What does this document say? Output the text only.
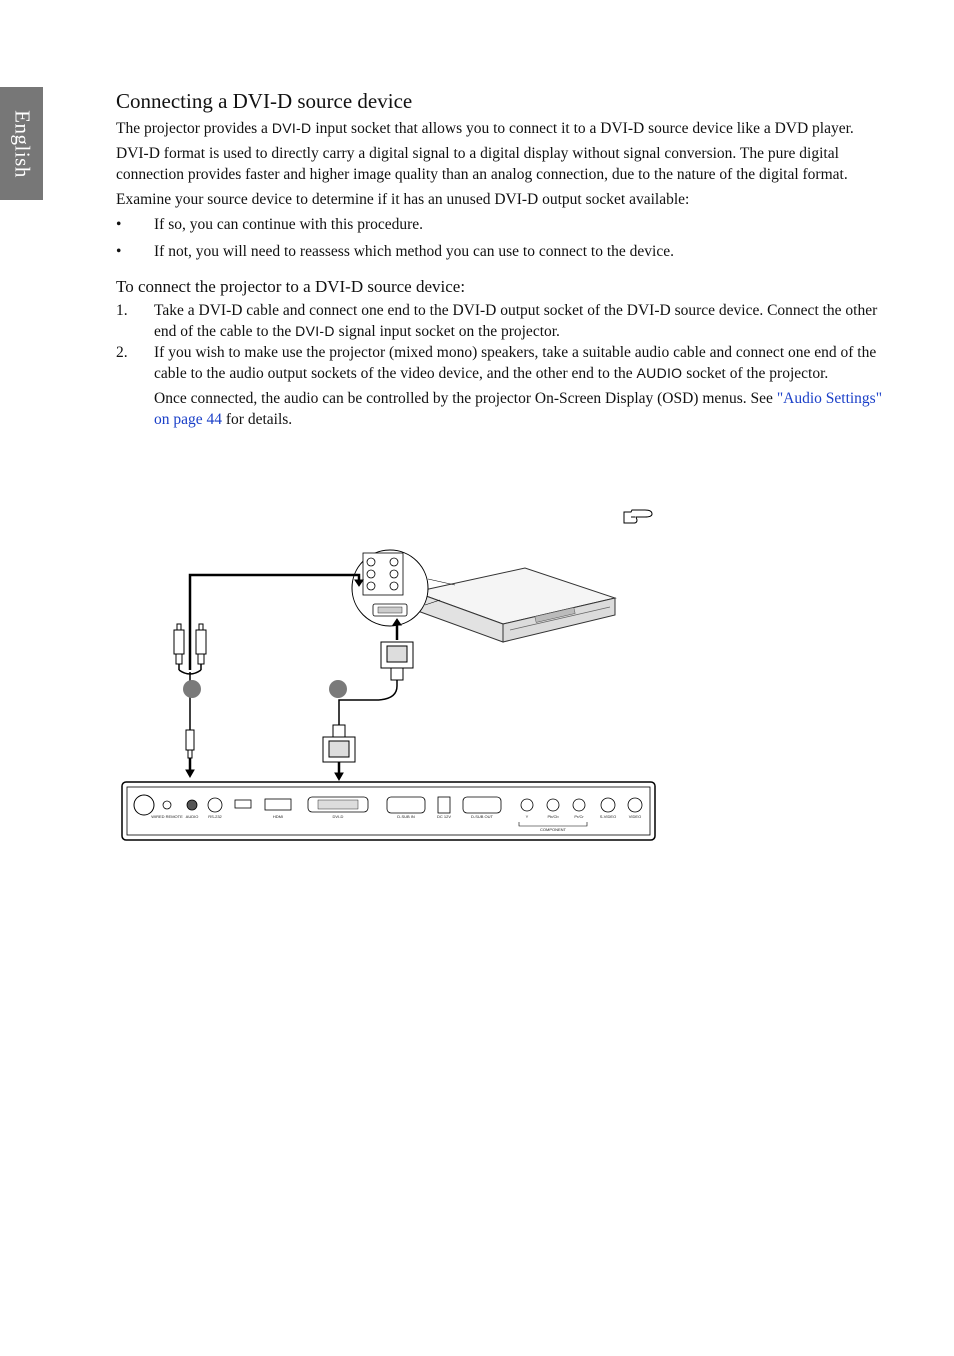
English
Connecting a DVI-D source device

The projector provides a DVI-D input socket that allows you to connect it to a DVI-D source device like a DVD player.

DVI-D format is used to directly carry a digital signal to a digital display without signal conversion. The pure digital connection provides faster and higher image quality than an analog connection, due to the nature of the digital format.

Examine your source device to determine if it has an unused DVI-D output socket available:

• If so, you can continue with this procedure.
• If not, you will need to reassess which method you can use to connect to the device.
To connect the projector to a DVI-D source device:
1. Take a DVI-D cable and connect one end to the DVI-D output socket of the DVI-D source device. Connect the other end of the cable to the DVI-D signal input socket on the projector.
2. If you wish to make use the projector (mixed mono) speakers, take a suitable audio cable and connect one end of the cable to the audio output sockets of the video device, and the other end to the AUDIO socket of the projector.

Once connected, the audio can be controlled by the projector On-Screen Display (OSD) menus. See "Audio Settings" on page 44 for details.

WIRED REMOTE AUDIO RS-232	HDMI	DVI-D	D-SUB IN	DC 12V	D-SUB OUT	Y	Pb/Cb	Pr/Cr	S-VIDEO	VIDEO
COMPONENT
